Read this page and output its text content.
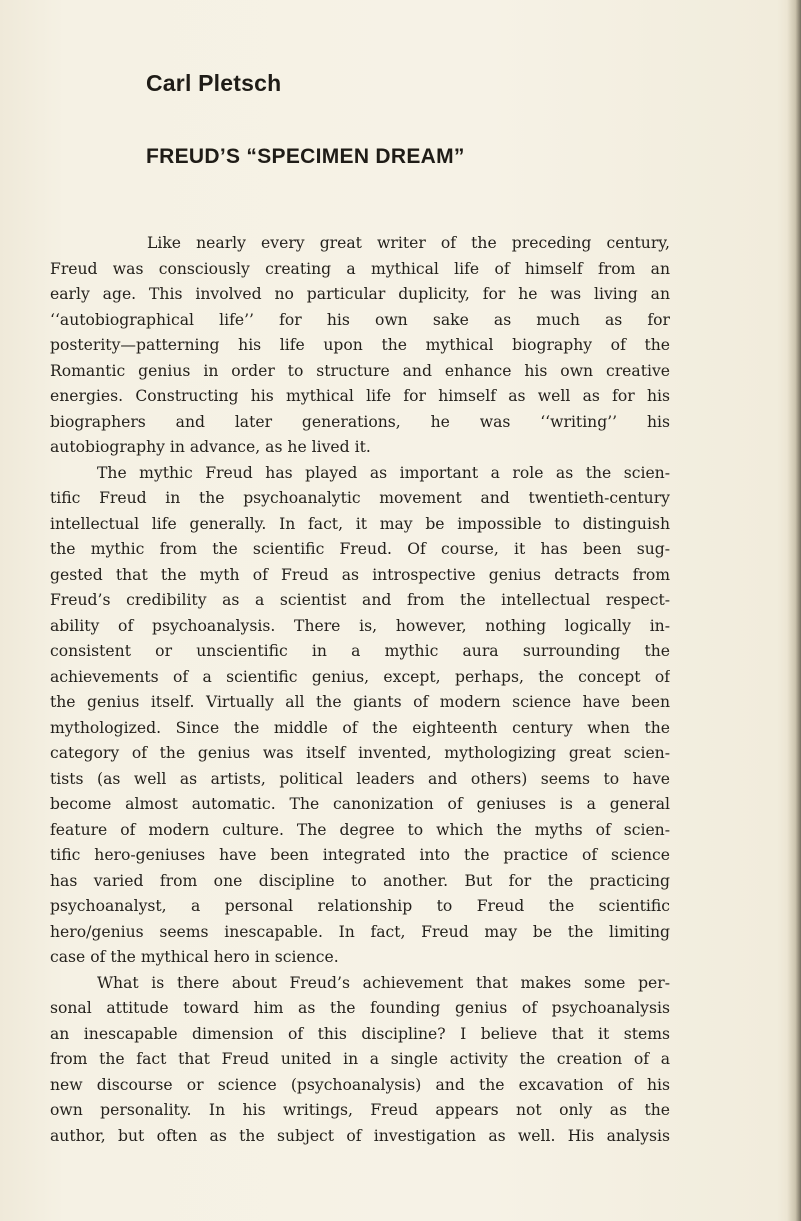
Carl Pletsch
FREUD’S “SPECIMEN DREAM”
Like nearly every great writer of the preceding century,
Freud was consciously creating a mythical life of himself from an
early age. This involved no particular duplicity, for he was living an
‘‘autobiographical life’’ for his own sake as much as for
posterity—patterning his life upon the mythical biography of the
Romantic genius in order to structure and enhance his own creative
energies. Constructing his mythical life for himself as well as for his
biographers and later generations, he was ‘‘writing’’ his
autobiography in advance, as he lived it.
The mythic Freud has played as important a role as the scien-
tific Freud in the psychoanalytic movement and twentieth-century
intellectual life generally. In fact, it may be impossible to distinguish
the mythic from the scientific Freud. Of course, it has been sug-
gested that the myth of Freud as introspective genius detracts from
Freud’s credibility as a scientist and from the intellectual respect-
ability of psychoanalysis. There is, however, nothing logically in-
consistent or unscientific in a mythic aura surrounding the
achievements of a scientific genius, except, perhaps, the concept of
the genius itself. Virtually all the giants of modern science have been
mythologized. Since the middle of the eighteenth century when the
category of the genius was itself invented, mythologizing great scien-
tists (as well as artists, political leaders and others) seems to have
become almost automatic. The canonization of geniuses is a general
feature of modern culture. The degree to which the myths of scien-
tific hero-geniuses have been integrated into the practice of science
has varied from one discipline to another. But for the practicing
psychoanalyst, a personal relationship to Freud the scientific
hero/genius seems inescapable. In fact, Freud may be the limiting
case of the mythical hero in science.
What is there about Freud’s achievement that makes some per-
sonal attitude toward him as the founding genius of psychoanalysis
an inescapable dimension of this discipline? I believe that it stems
from the fact that Freud united in a single activity the creation of a
new discourse or science (psychoanalysis) and the excavation of his
own personality. In his writings, Freud appears not only as the
author, but often as the subject of investigation as well. His analysis
